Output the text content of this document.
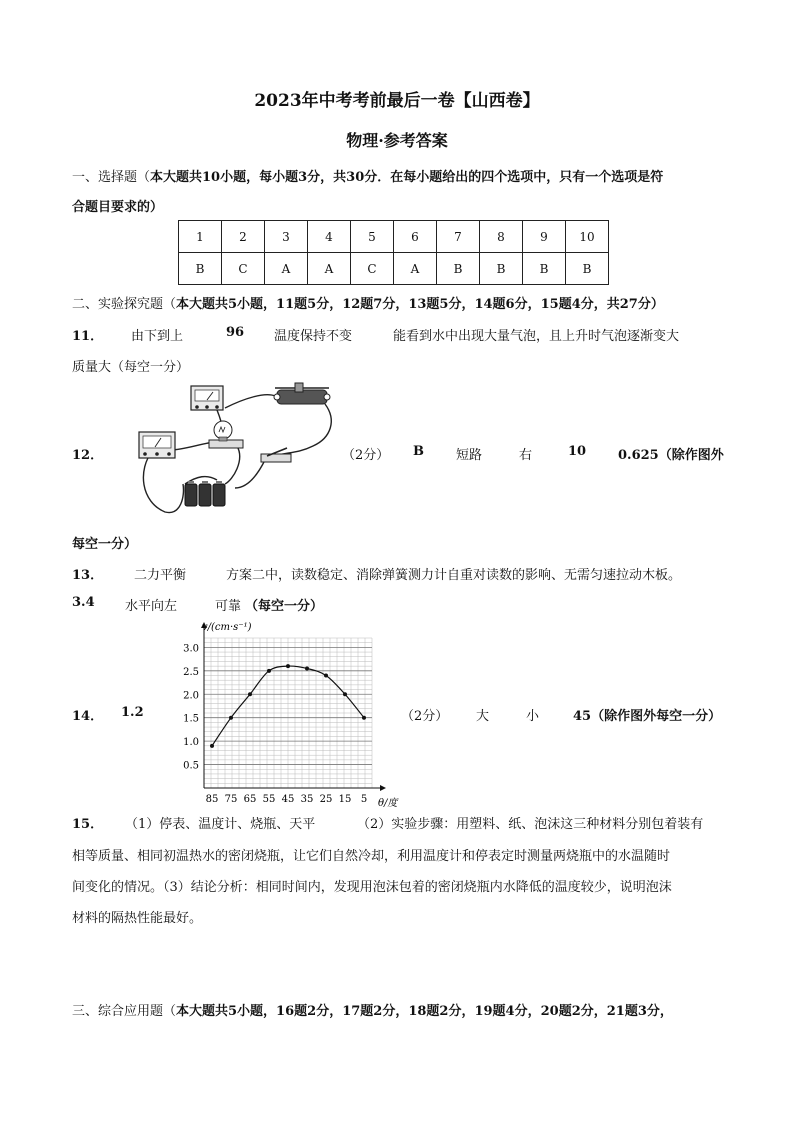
2023年中考考前最后一卷【山西卷】
物理·参考答案
一、选择题（本大题共10小题，每小题3分，共30分．在每小题给出的四个选项中，只有一个选项是符
合题目要求的）
1	2	3	4	5	6	7	8	9	10
B	C	A	A	C	A	B	B	B	B
二、实验探究题（本大题共5小题，11题5分，12题7分，13题5分，14题6分，15题4分，共27分）
11． 由下到上	96 温度保持不变	能看到水中出现大量气泡，且上升时气泡逐渐变大
质量大（每空一分）
12．	（2分） B 短路	右	10 0.625（除作图外
每空一分）
13． 二力平衡	方案二中，读数稳定、消除弹簧测力计自重对读数的影响、无需匀速拉动木板。
3.4 水平向左	可靠 （每空一分）
3.0
2.5
2.0
1.5
1.0
0.5
85 75 65 55 45 35 25 15 5
v/(cm·s⁻¹)
θ/度
14． 1.2	（2分） 大	小	45（除作图外每空一分）
15． （1）停表、温度计、烧瓶、天平	（2）实验步骤：用塑料、纸、泡沫这三种材料分别包着装有
相等质量、相同初温热水的密闭烧瓶，让它们自然冷却，利用温度计和停表定时测量两烧瓶中的水温随时
间变化的情况。（3）结论分析：相同时间内，发现用泡沫包着的密闭烧瓶内水降低的温度较少，说明泡沫
材料的隔热性能最好。
三、综合应用题（本大题共5小题，16题2分，17题2分，18题2分，19题4分，20题2分，21题3分，
